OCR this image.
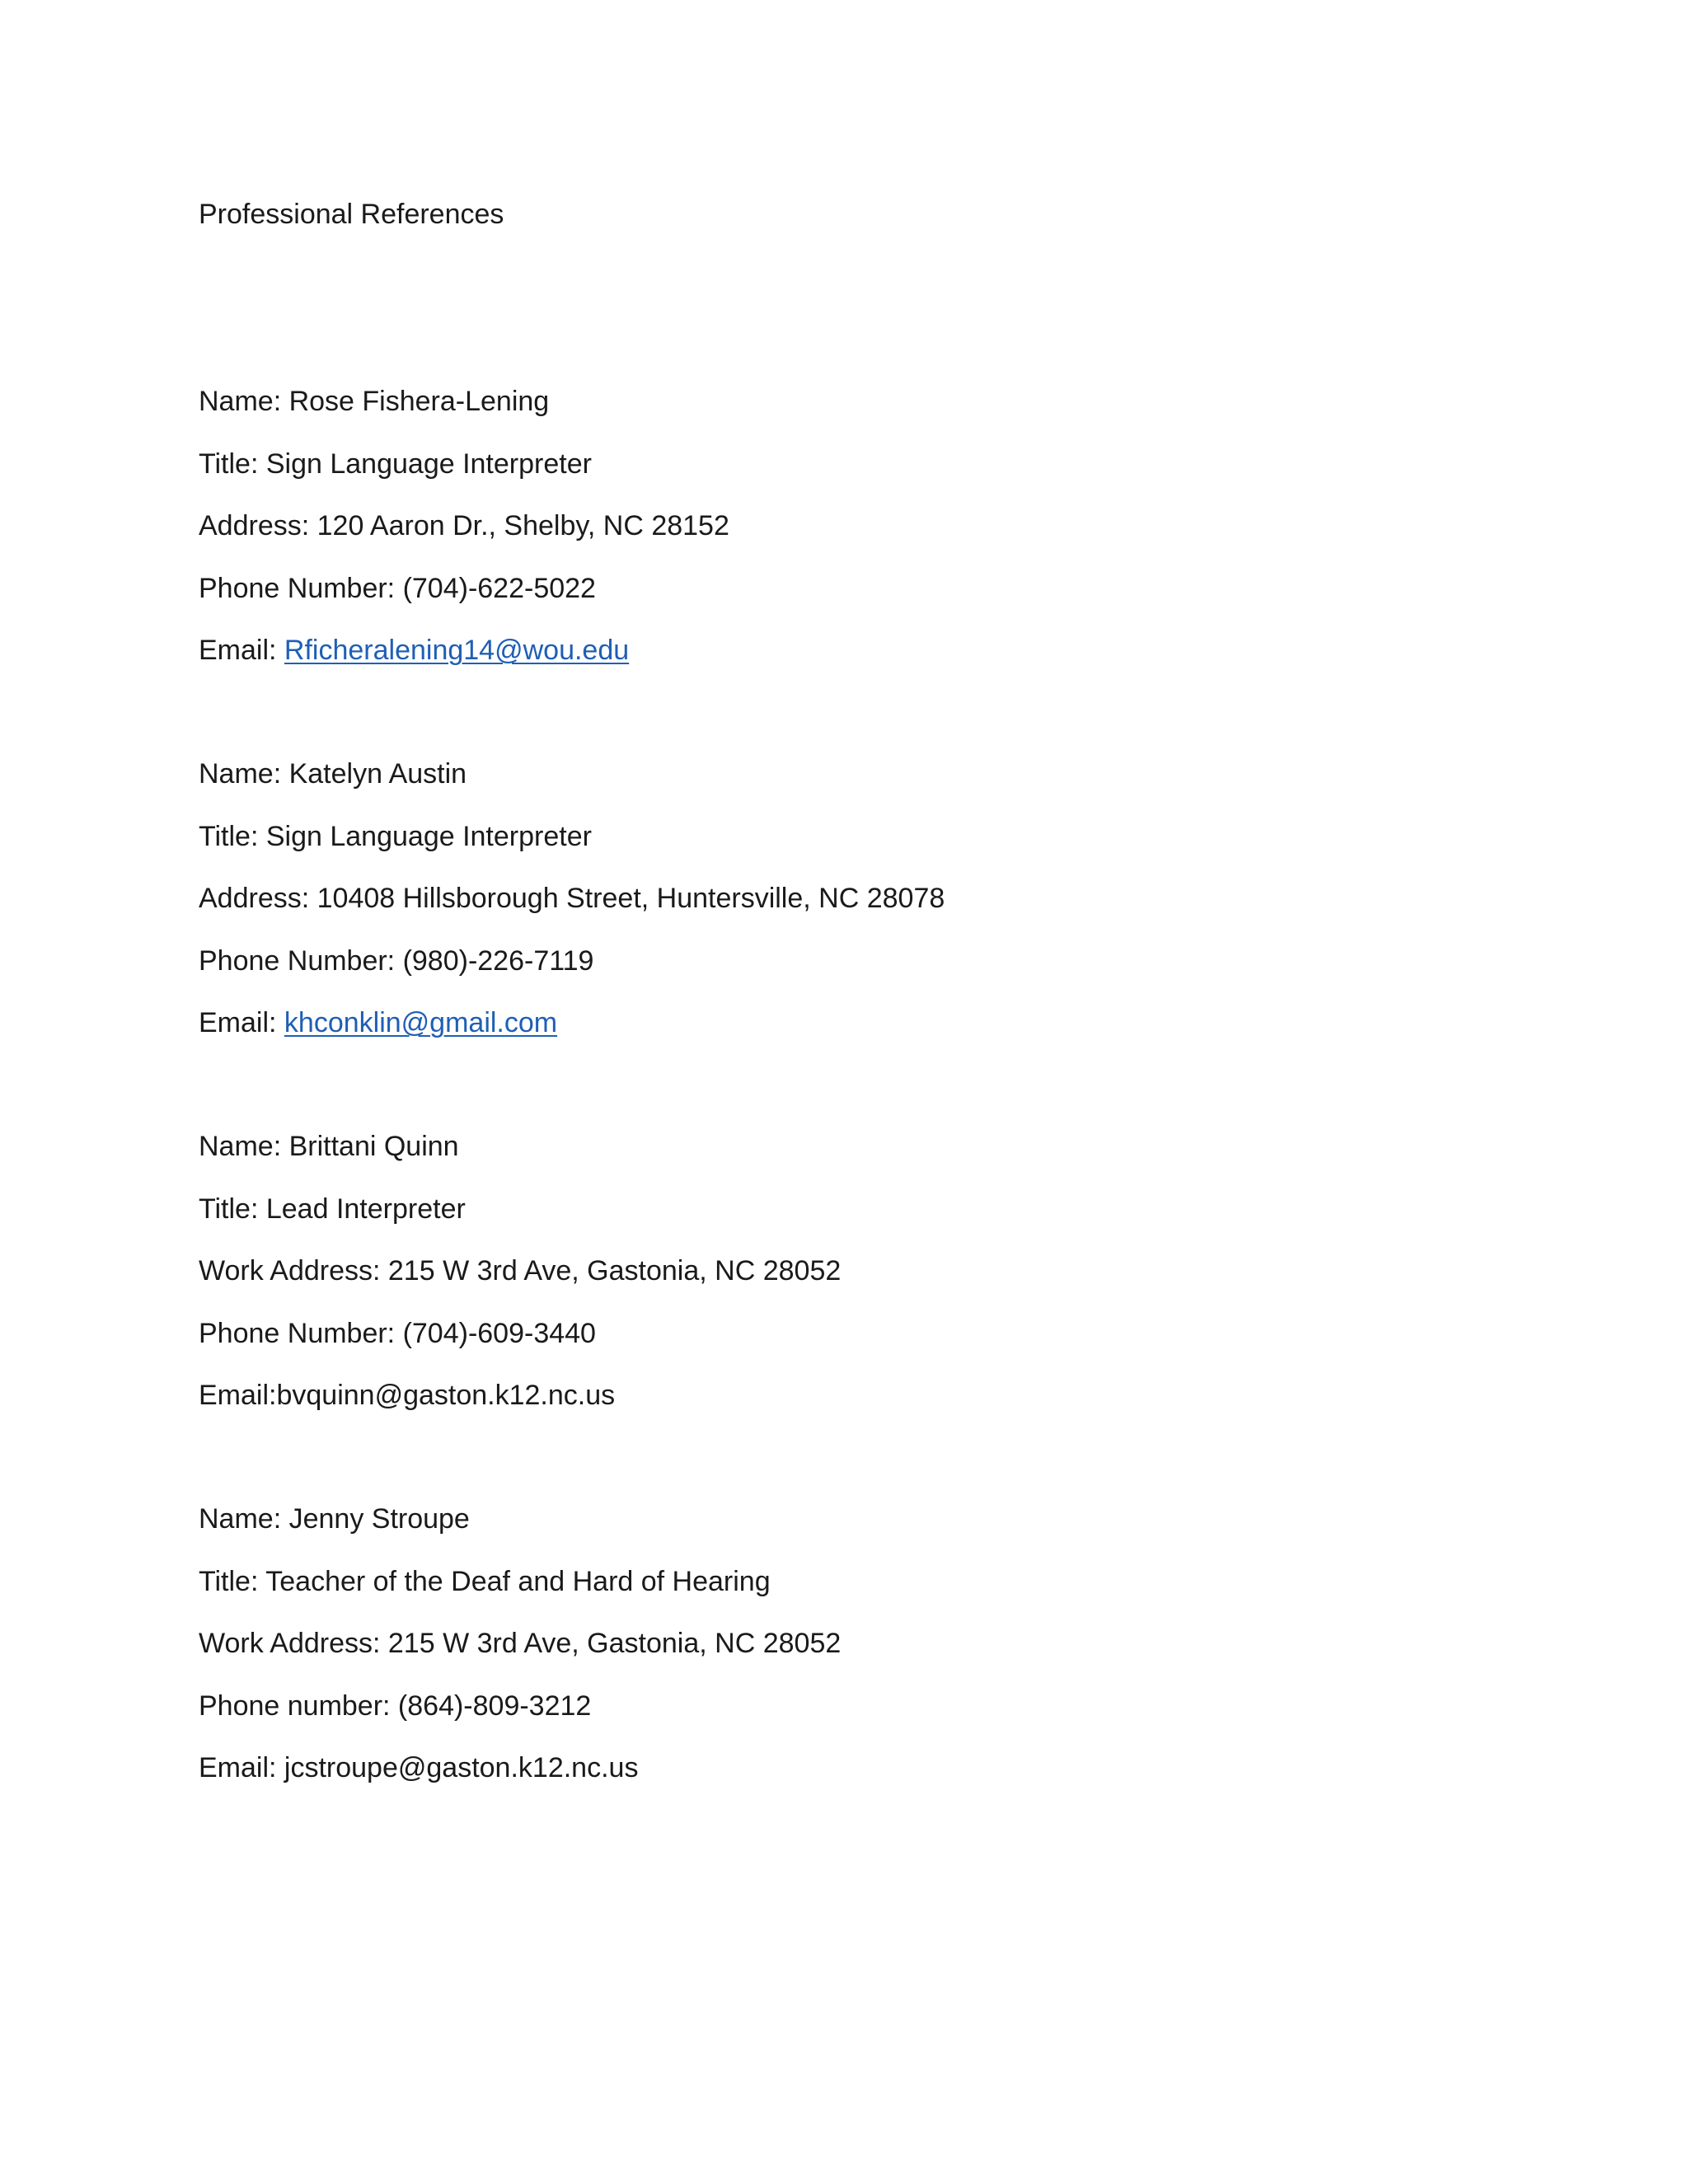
Professional References
Name: Rose Fishera-Lening
Title: Sign Language Interpreter
Address: 120 Aaron Dr., Shelby, NC 28152
Phone Number: (704)-622-5022
Email: Rficheralening14@wou.edu
Name: Katelyn Austin
Title: Sign Language Interpreter
Address: 10408 Hillsborough Street, Huntersville, NC 28078
Phone Number: (980)-226-7119
Email: khconklin@gmail.com
Name: Brittani Quinn
Title: Lead Interpreter
Work Address: 215 W 3rd Ave, Gastonia, NC 28052
Phone Number: (704)-609-3440
Email:bvquinn@gaston.k12.nc.us
Name: Jenny Stroupe
Title: Teacher of the Deaf and Hard of Hearing
Work Address: 215 W 3rd Ave, Gastonia, NC 28052
Phone number: (864)-809-3212
Email: jcstroupe@gaston.k12.nc.us
